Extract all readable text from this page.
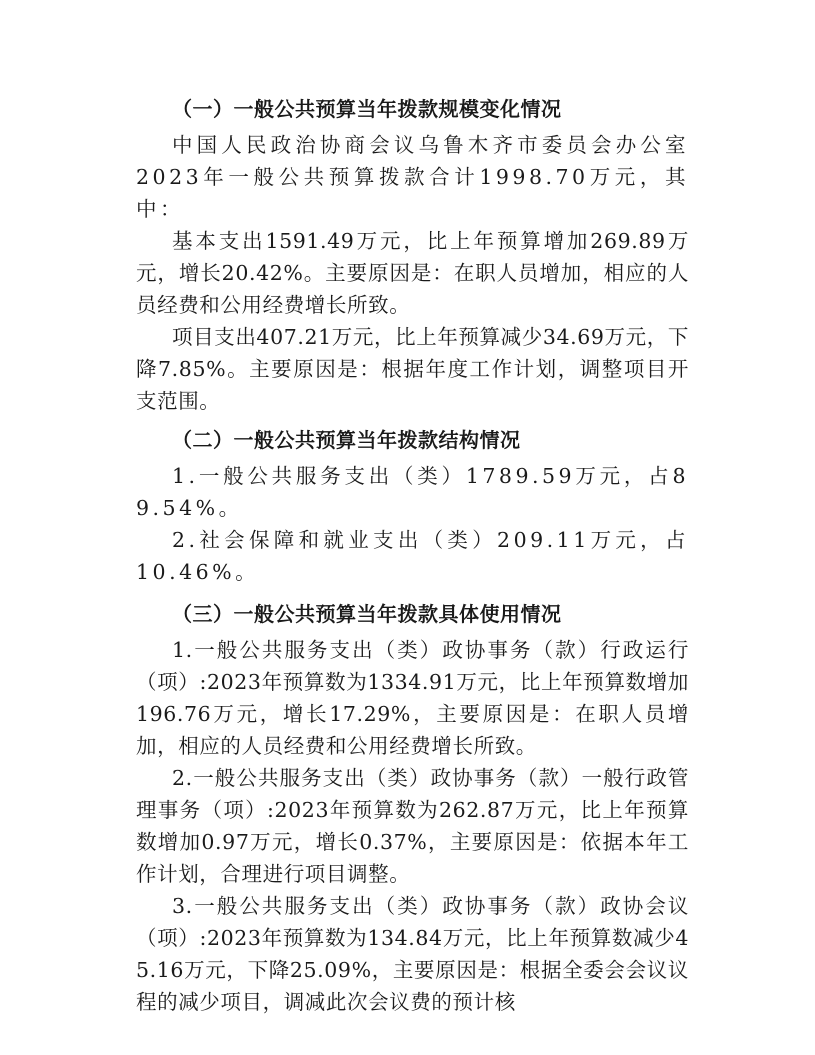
（一）一般公共预算当年拨款规模变化情况

中国人民政治协商会议乌鲁木齐市委员会办公室2023年一般公共预算拨款合计1998.70万元，其中：

基本支出1591.49万元，比上年预算增加269.89万元，增长20.42%。主要原因是：在职人员增加，相应的人员经费和公用经费增长所致。

项目支出407.21万元，比上年预算减少34.69万元，下降7.85%。主要原因是：根据年度工作计划，调整项目开支范围。

（二）一般公共预算当年拨款结构情况

1.一般公共服务支出（类）1789.59万元，占89.54%。

2.社会保障和就业支出（类）209.11万元，占10.46%。

（三）一般公共预算当年拨款具体使用情况

1.一般公共服务支出（类）政协事务（款）行政运行（项）:2023年预算数为1334.91万元，比上年预算数增加196.76万元，增长17.29%，主要原因是：在职人员增加，相应的人员经费和公用经费增长所致。

2.一般公共服务支出（类）政协事务（款）一般行政管理事务（项）:2023年预算数为262.87万元，比上年预算数增加0.97万元，增长0.37%，主要原因是：依据本年工作计划，合理进行项目调整。

3.一般公共服务支出（类）政协事务（款）政协会议（项）:2023年预算数为134.84万元，比上年预算数减少45.16万元，下降25.09%，主要原因是：根据全委会会议议程的减少项目，调减此次会议费的预计核
